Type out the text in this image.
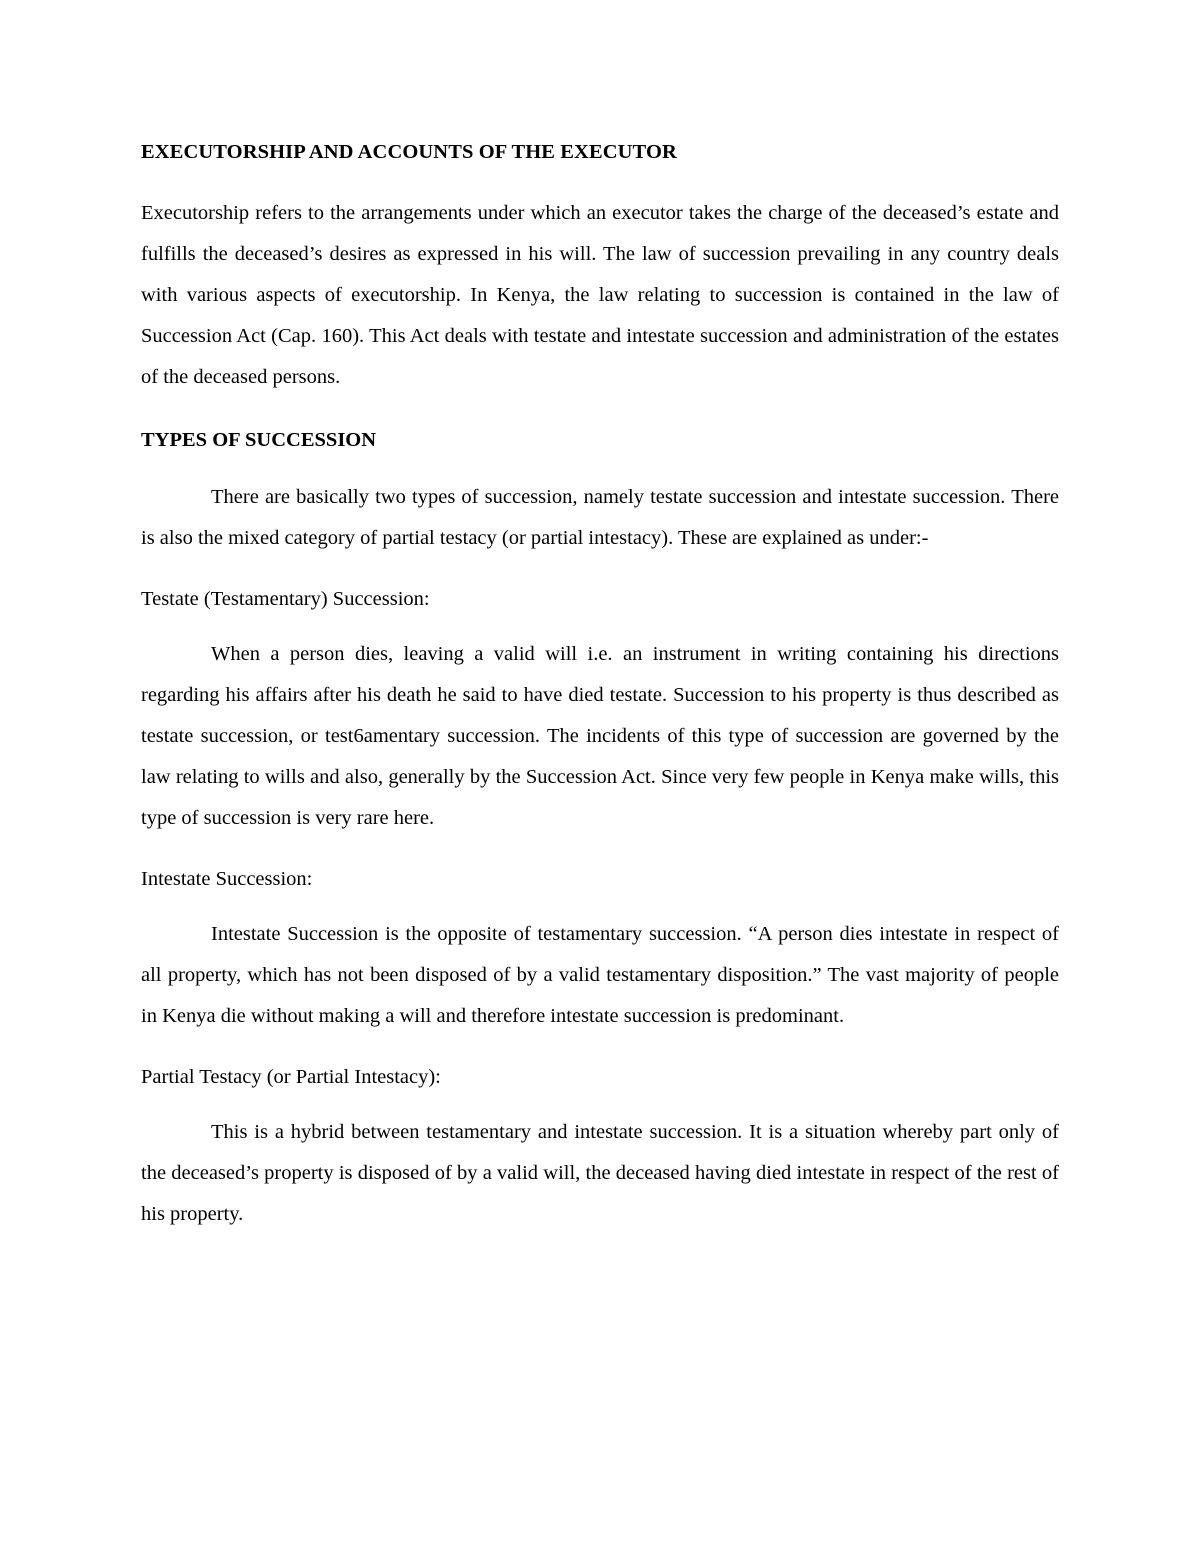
EXECUTORSHIP AND ACCOUNTS OF THE EXECUTOR

Executorship refers to the arrangements under which an executor takes the charge of the deceased’s estate and fulfills the deceased’s desires as expressed in his will. The law of succession prevailing in any country deals with various aspects of executorship. In Kenya, the law relating to succession is contained in the law of Succession Act (Cap. 160). This Act deals with testate and intestate succession and administration of the estates of the deceased persons.

TYPES OF SUCCESSION

There are basically two types of succession, namely testate succession and intestate succession. There is also the mixed category of partial testacy (or partial intestacy). These are explained as under:-

Testate (Testamentary) Succession:

When a person dies, leaving a valid will i.e. an instrument in writing containing his directions regarding his affairs after his death he said to have died testate. Succession to his property is thus described as testate succession, or test6amentary succession. The incidents of this type of succession are governed by the law relating to wills and also, generally by the Succession Act. Since very few people in Kenya make wills, this type of succession is very rare here.

Intestate Succession:

Intestate Succession is the opposite of testamentary succession. “A person dies intestate in respect of all property, which has not been disposed of by a valid testamentary disposition.” The vast majority of people in Kenya die without making a will and therefore intestate succession is predominant.

Partial Testacy (or Partial Intestacy):

This is a hybrid between testamentary and intestate succession. It is a situation whereby part only of the deceased’s property is disposed of by a valid will, the deceased having died intestate in respect of the rest of his property.
